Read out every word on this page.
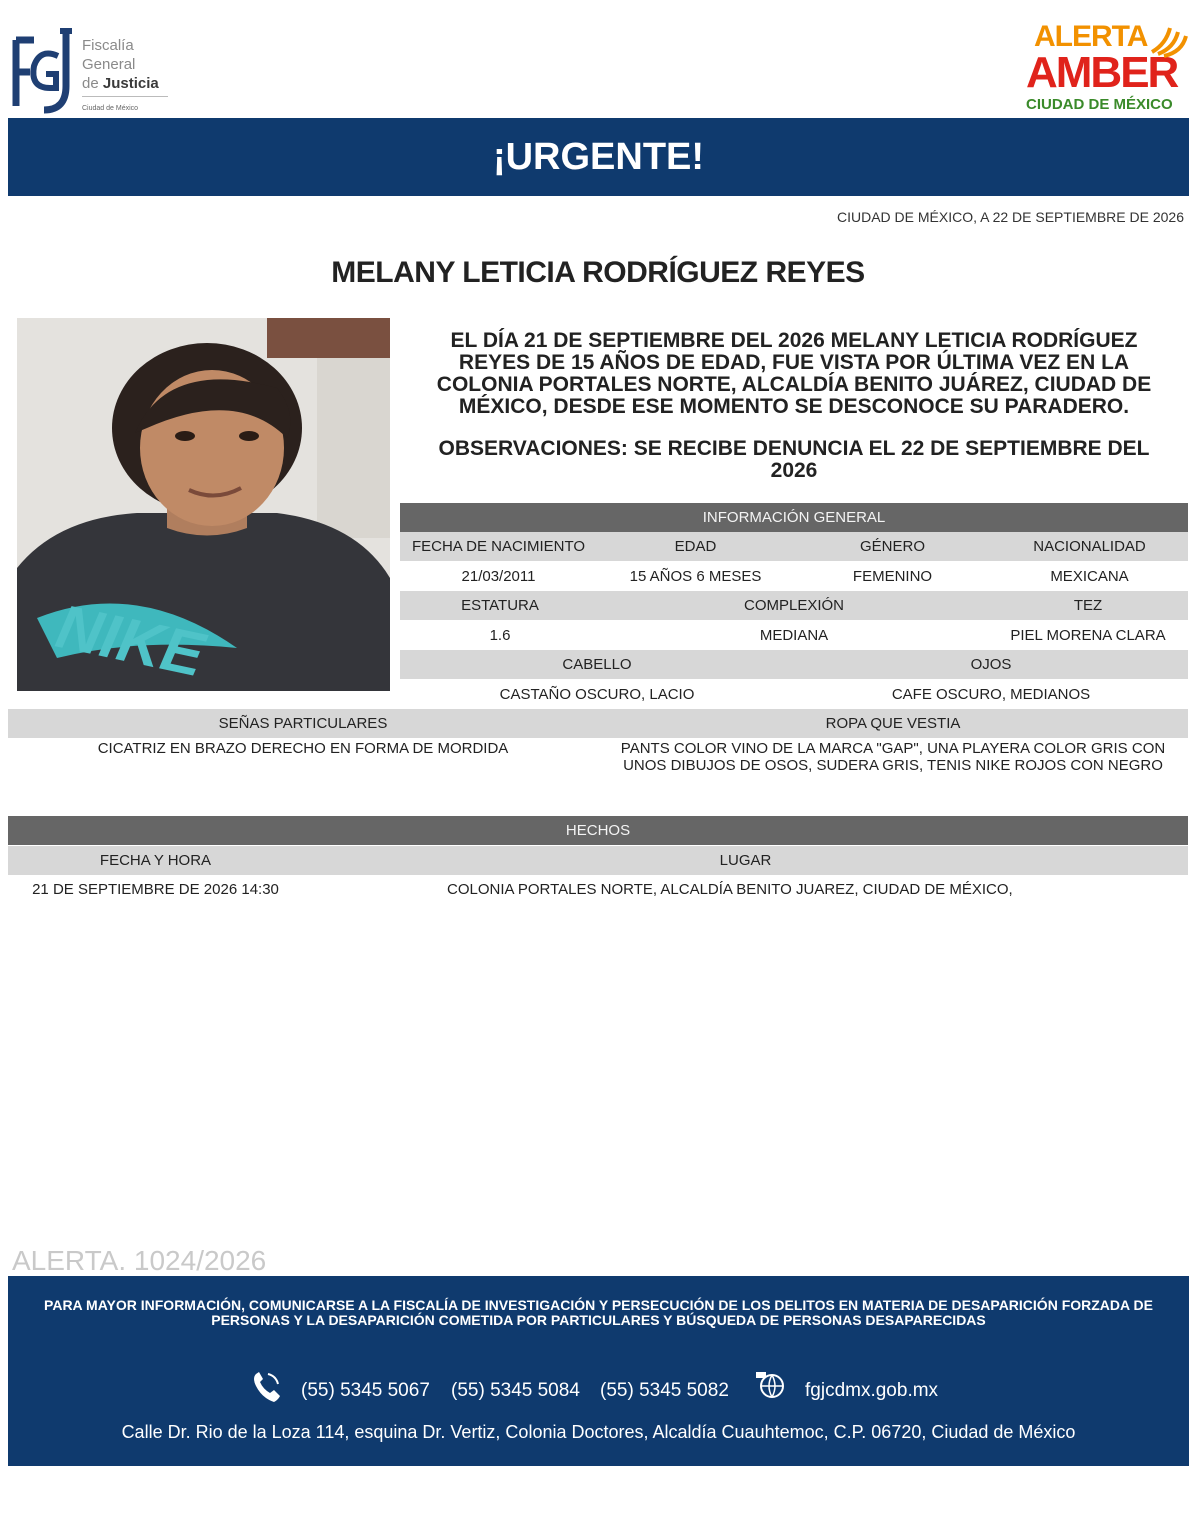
Fiscalía
General
de Justicia
Ciudad de México
ALERTA
AMBER
CIUDAD DE MÉXICO
¡URGENTE!
CIUDAD DE MÉXICO, A 22 DE SEPTIEMBRE DE 2026
MELANY LETICIA RODRÍGUEZ REYES
NIKE
EL DÍA 21 DE SEPTIEMBRE DEL 2026 MELANY LETICIA RODRÍGUEZ REYES DE 15 AÑOS DE EDAD, FUE VISTA POR ÚLTIMA VEZ EN LA COLONIA PORTALES NORTE, ALCALDÍA BENITO JUÁREZ, CIUDAD DE MÉXICO, DESDE ESE MOMENTO SE DESCONOCE SU PARADERO.
OBSERVACIONES: SE RECIBE DENUNCIA EL 22 DE SEPTIEMBRE DEL 2026
INFORMACIÓN GENERAL
FECHA DE NACIMIENTO	EDAD	GÉNERO	NACIONALIDAD
21/03/2011	15 AÑOS 6 MESES	FEMENINO	MEXICANA
ESTATURA	COMPLEXIÓN	TEZ
1.6	MEDIANA	PIEL MORENA CLARA
CABELLO	OJOS
CASTAÑO OSCURO, LACIO	CAFE OSCURO, MEDIANOS
SEÑAS PARTICULARES	ROPA QUE VESTIA
CICATRIZ EN BRAZO DERECHO EN FORMA DE MORDIDA	PANTS COLOR VINO DE LA MARCA "GAP", UNA PLAYERA COLOR GRIS CON UNOS DIBUJOS DE OSOS, SUDERA GRIS, TENIS NIKE ROJOS CON NEGRO
HECHOS
FECHA Y HORA	LUGAR
21 DE SEPTIEMBRE DE 2026 14:30	COLONIA PORTALES NORTE, ALCALDÍA BENITO JUAREZ, CIUDAD DE MÉXICO,
ALERTA. 1024/2026
PARA MAYOR INFORMACIÓN, COMUNICARSE A LA FISCALÍA DE INVESTIGACIÓN Y PERSECUCIÓN DE LOS DELITOS EN MATERIA DE DESAPARICIÓN FORZADA DE PERSONAS Y LA DESAPARICIÓN COMETIDA POR PARTICULARES Y BÚSQUEDA DE PERSONAS DESAPARECIDAS
(55) 5345 5067 (55) 5345 5084 (55) 5345 5082	fgjcdmx.gob.mx
Calle Dr. Rio de la Loza 114, esquina Dr. Vertiz, Colonia Doctores, Alcaldía Cuauhtemoc, C.P. 06720, Ciudad de México
